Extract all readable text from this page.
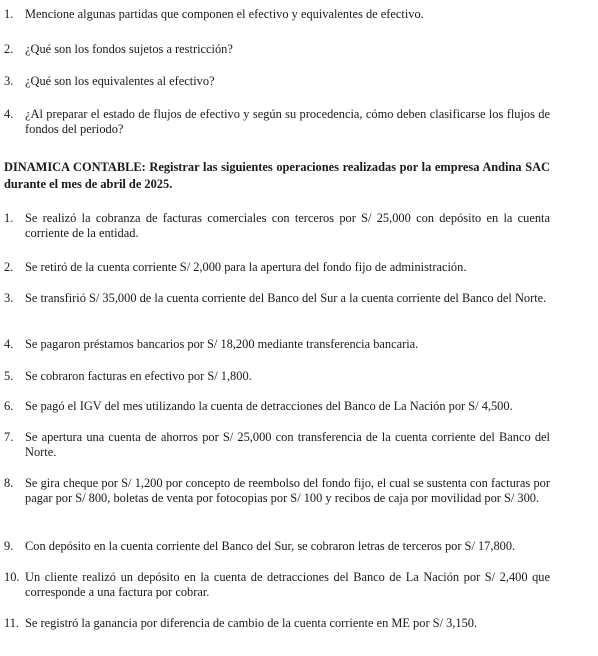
1. Mencione algunas partidas que componen el efectivo y equivalentes de efectivo.
2. ¿Qué son los fondos sujetos a restricción?
3. ¿Qué son los equivalentes al efectivo?
4. ¿Al preparar el estado de flujos de efectivo y según su procedencia, cómo deben clasificarse los flujos de fondos del periodo?
DINAMICA CONTABLE: Registrar las siguientes operaciones realizadas por la empresa Andina SAC durante el mes de abril de 2025.
1. Se realizó la cobranza de facturas comerciales con terceros por S/ 25,000 con depósito en la cuenta corriente de la entidad.
2. Se retiró de la cuenta corriente S/ 2,000 para la apertura del fondo fijo de administración.
3. Se transfirió S/ 35,000 de la cuenta corriente del Banco del Sur a la cuenta corriente del Banco del Norte.
4. Se pagaron préstamos bancarios por S/ 18,200 mediante transferencia bancaria.
5. Se cobraron facturas en efectivo por S/ 1,800.
6. Se pagó el IGV del mes utilizando la cuenta de detracciones del Banco de La Nación por S/ 4,500.
7. Se apertura una cuenta de ahorros por S/ 25,000 con transferencia de la cuenta corriente del Banco del Norte.
8. Se gira cheque por S/ 1,200 por concepto de reembolso del fondo fijo, el cual se sustenta con facturas por pagar por S/ 800, boletas de venta por fotocopias por S/ 100 y recibos de caja por movilidad por S/ 300.
9. Con depósito en la cuenta corriente del Banco del Sur, se cobraron letras de terceros por S/ 17,800.
10. Un cliente realizó un depósito en la cuenta de detracciones del Banco de La Nación por S/ 2,400 que corresponde a una factura por cobrar.
11. Se registró la ganancia por diferencia de cambio de la cuenta corriente en ME por S/ 3,150.
